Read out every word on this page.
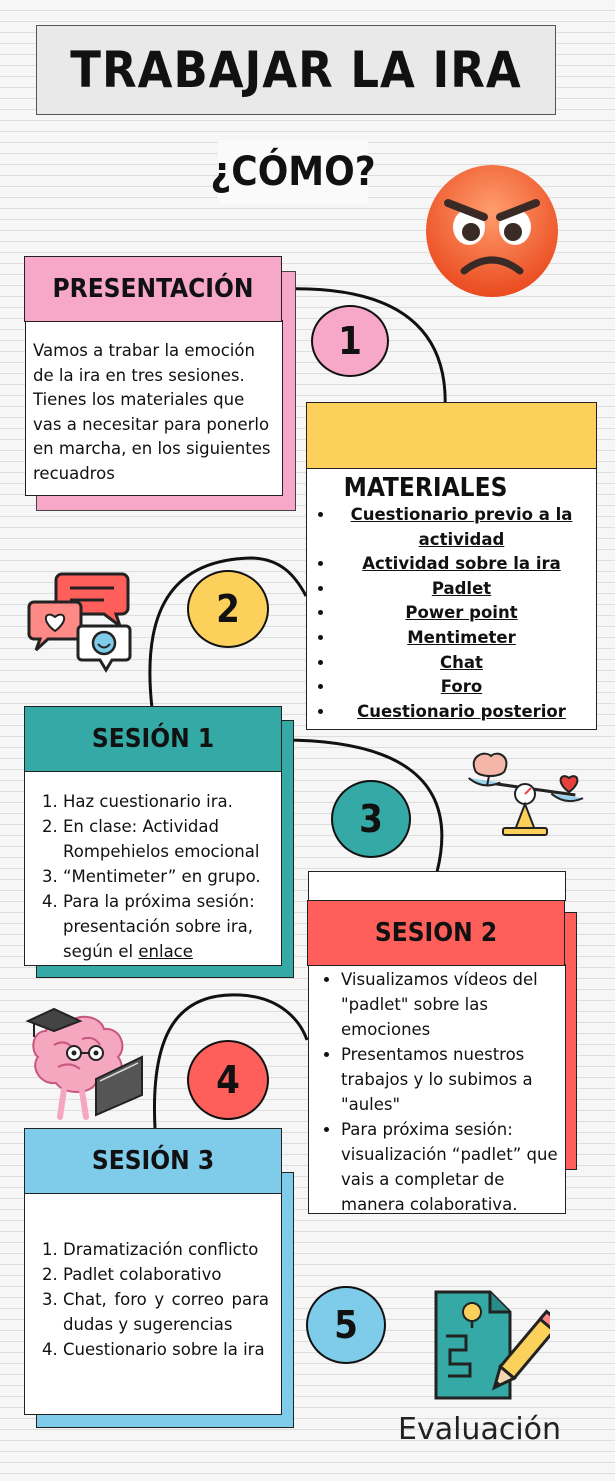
TRABAJAR LA IRA
¿CÓMO?
Vamos a trabar la emoción de la ira en tres sesiones. Tienes los materiales que vas a necesitar para ponerlo en marcha, en los siguientes recuadros
PRESENTACIÓN
1
MATERIALES
• Cuestionario previo a la actividad
• Actividad sobre la ira
• Padlet
• Power point
• Mentimeter
• Chat
• Foro
• Cuestionario posterior
2
1. Haz cuestionario ira.
2. En clase: Actividad Rompehielos emocional
3. “Mentimeter” en grupo.
4. Para la próxima sesión: presentación sobre ira, según el enlace
SESIÓN 1
3
• Visualizamos vídeos del "padlet" sobre las emociones
• Presentamos nuestros trabajos y lo subimos a "aules"
• Para próxima sesión: visualización “padlet” que vais a completar de manera colaborativa.
SESION 2
4
1. Dramatización conflicto
2. Padlet colaborativo
3. Chat, foro y correo para dudas y sugerencias
4. Cuestionario sobre la ira
SESIÓN 3
5
Evaluación
